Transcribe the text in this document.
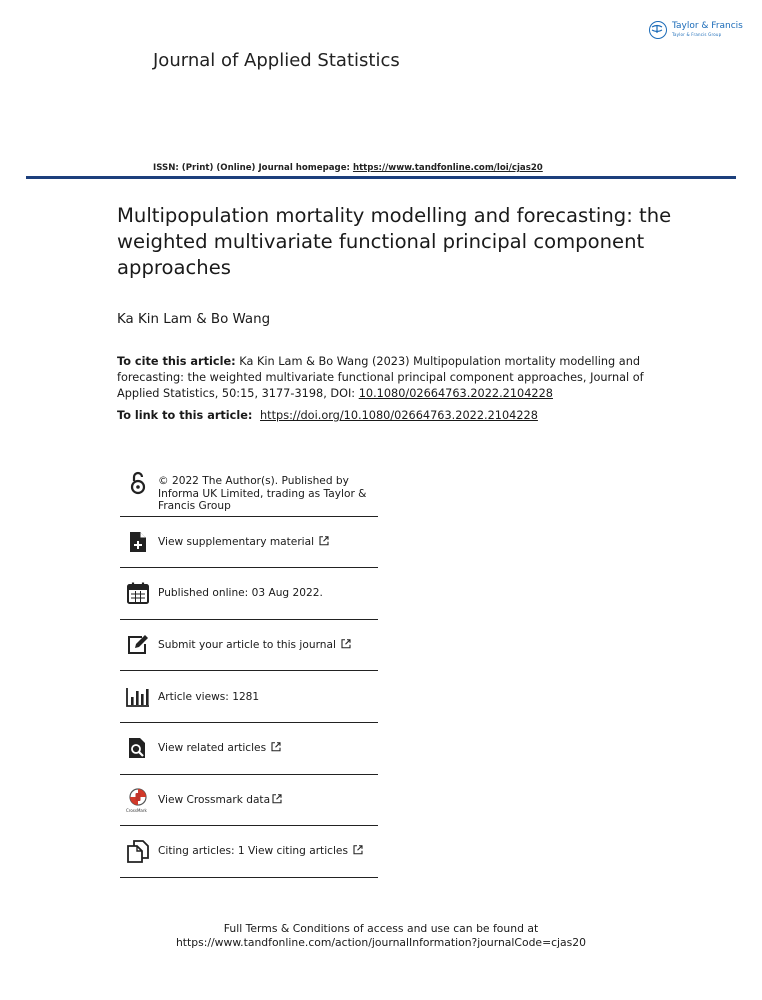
Journal of Applied Statistics
Taylor & Francis
Taylor & Francis Group
ISSN: (Print) (Online) Journal homepage: https://www.tandfonline.com/loi/cjas20
Multipopulation mortality modelling and forecasting: the weighted multivariate functional principal component approaches
Ka Kin Lam & Bo Wang
To cite this article: Ka Kin Lam & Bo Wang (2023) Multipopulation mortality modelling and forecasting: the weighted multivariate functional principal component approaches, Journal of Applied Statistics, 50:15, 3177-3198, DOI: 10.1080/02664763.2022.2104228
To link to this article: https://doi.org/10.1080/02664763.2022.2104228
© 2022 The Author(s). Published by Informa UK Limited, trading as Taylor & Francis Group
View supplementary material
Published online: 03 Aug 2022.
Submit your article to this journal
Article views: 1281
View related articles
CrossMark
View Crossmark data
Citing articles: 1 View citing articles
Full Terms & Conditions of access and use can be found at
https://www.tandfonline.com/action/journalInformation?journalCode=cjas20
